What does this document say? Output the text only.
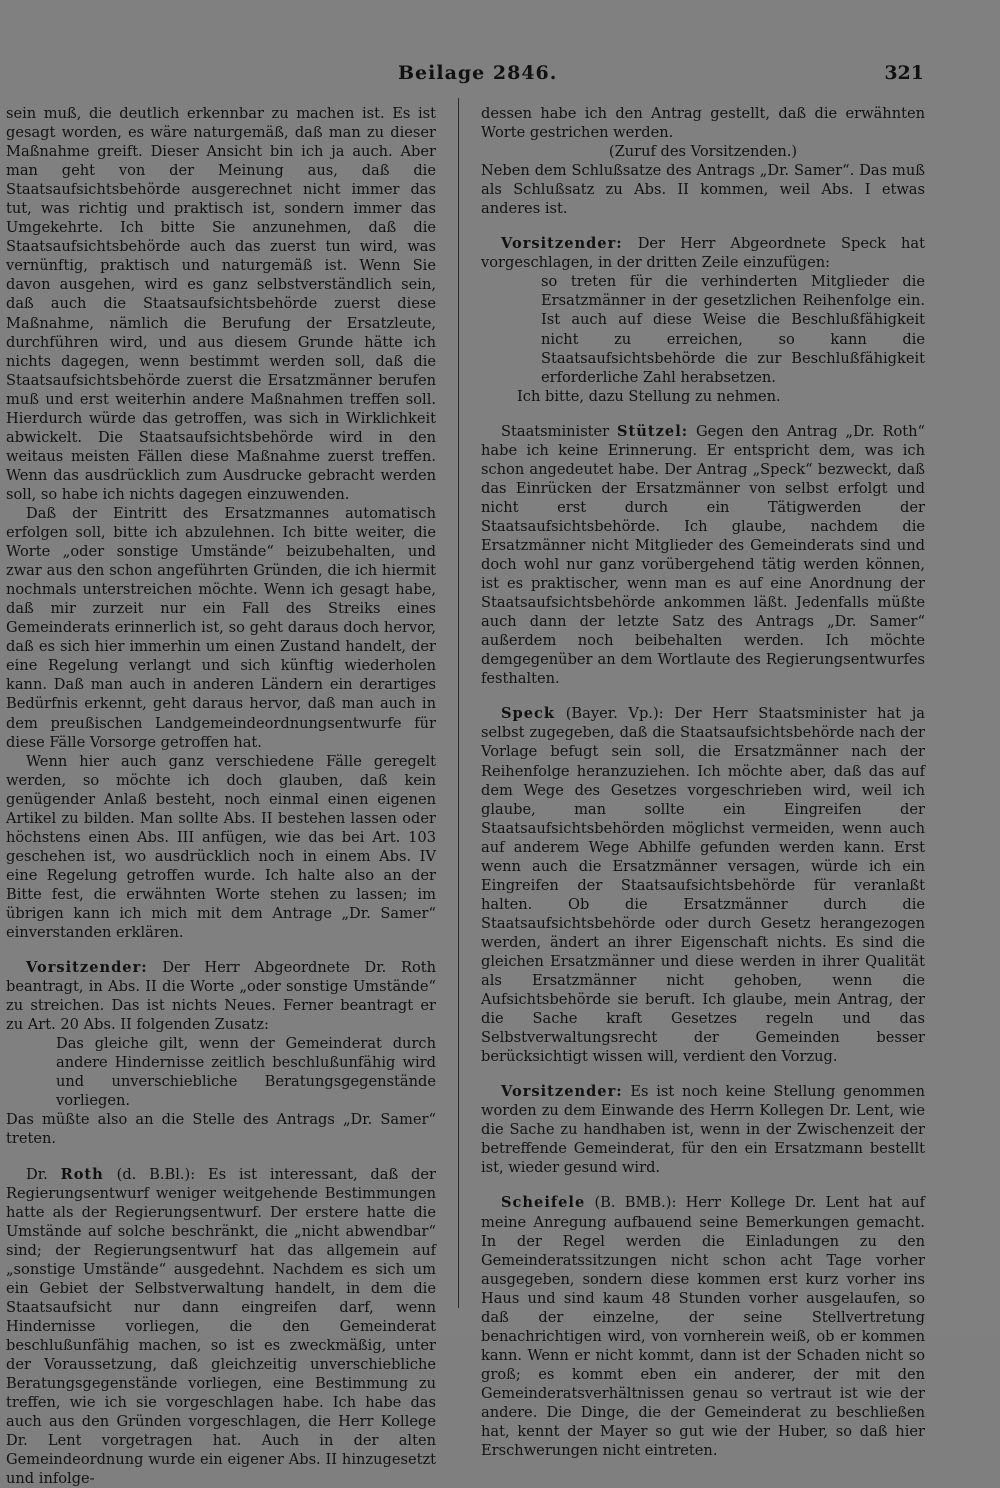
Beilage 2846.	321

sein muß, die deutlich erkennbar zu machen ist. Es ist gesagt worden, es wäre naturgemäß, daß man zu dieser Maßnahme greift. Dieser Ansicht bin ich ja auch. Aber man geht von der Meinung aus, daß die Staatsaufsichtsbehörde ausgerechnet nicht immer das tut, was richtig und praktisch ist, sondern immer das Umgekehrte. Ich bitte Sie anzunehmen, daß die Staatsaufsichtsbehörde auch das zuerst tun wird, was vernünftig, praktisch und naturgemäß ist. Wenn Sie davon ausgehen, wird es ganz selbstverständlich sein, daß auch die Staatsaufsichtsbehörde zuerst diese Maßnahme, nämlich die Berufung der Ersatzleute, durchführen wird, und aus diesem Grunde hätte ich nichts dagegen, wenn bestimmt werden soll, daß die Staatsaufsichtsbehörde zuerst die Ersatzmänner berufen muß und erst weiterhin andere Maßnahmen treffen soll. Hierdurch würde das getroffen, was sich in Wirklichkeit abwickelt. Die Staatsaufsichtsbehörde wird in den weitaus meisten Fällen diese Maßnahme zuerst treffen. Wenn das ausdrücklich zum Ausdrucke gebracht werden soll, so habe ich nichts dagegen einzuwenden.

Daß der Eintritt des Ersatzmannes automatisch erfolgen soll, bitte ich abzulehnen. Ich bitte weiter, die Worte „oder sonstige Umstände“ beizubehalten, und zwar aus den schon angeführten Gründen, die ich hiermit nochmals unterstreichen möchte. Wenn ich gesagt habe, daß mir zurzeit nur ein Fall des Streiks eines Gemeinderats erinnerlich ist, so geht daraus doch hervor, daß es sich hier immerhin um einen Zustand handelt, der eine Regelung verlangt und sich künftig wiederholen kann. Daß man auch in anderen Ländern ein derartiges Bedürfnis erkennt, geht daraus hervor, daß man auch in dem preußischen Landgemeindeordnungsentwurfe für diese Fälle Vorsorge getroffen hat.

Wenn hier auch ganz verschiedene Fälle geregelt werden, so möchte ich doch glauben, daß kein genügender Anlaß besteht, noch einmal einen eigenen Artikel zu bilden. Man sollte Abs. II bestehen lassen oder höchstens einen Abs. III anfügen, wie das bei Art. 103 geschehen ist, wo ausdrücklich noch in einem Abs. IV eine Regelung getroffen wurde. Ich halte also an der Bitte fest, die erwähnten Worte stehen zu lassen; im übrigen kann ich mich mit dem Antrage „Dr. Samer“ einverstanden erklären.

Vorsitzender: Der Herr Abgeordnete Dr. Roth beantragt, in Abs. II die Worte „oder sonstige Umstände“ zu streichen. Das ist nichts Neues. Ferner beantragt er zu Art. 20 Abs. II folgenden Zusatz:

Das gleiche gilt, wenn der Gemeinderat durch andere Hindernisse zeitlich beschlußunfähig wird und unverschiebliche Beratungsgegenstände vorliegen.

Das müßte also an die Stelle des Antrags „Dr. Samer“ treten.

Dr. Roth (d. B.Bl.): Es ist interessant, daß der Regierungsentwurf weniger weitgehende Bestimmungen hatte als der Regierungsentwurf. Der erstere hatte die Umstände auf solche beschränkt, die „nicht abwendbar“ sind; der Regierungsentwurf hat das allgemein auf „sonstige Umstände“ ausgedehnt. Nachdem es sich um ein Gebiet der Selbstverwaltung handelt, in dem die Staatsaufsicht nur dann eingreifen darf, wenn Hindernisse vorliegen, die den Gemeinderat beschlußunfähig machen, so ist es zweckmäßig, unter der Voraussetzung, daß gleichzeitig unverschiebliche Beratungsgegenstände vorliegen, eine Bestimmung zu treffen, wie ich sie vorgeschlagen habe. Ich habe das auch aus den Gründen vorgeschlagen, die Herr Kollege Dr. Lent vorgetragen hat. Auch in der alten Gemeindeordnung wurde ein eigener Abs. II hinzugesetzt und infolge-

dessen habe ich den Antrag gestellt, daß die erwähnten Worte gestrichen werden.

(Zuruf des Vorsitzenden.)

Neben dem Schlußsatze des Antrags „Dr. Samer“. Das muß als Schlußsatz zu Abs. II kommen, weil Abs. I etwas anderes ist.

Vorsitzender: Der Herr Abgeordnete Speck hat vorgeschlagen, in der dritten Zeile einzufügen:

so treten für die verhinderten Mitglieder die Ersatzmänner in der gesetzlichen Reihenfolge ein. Ist auch auf diese Weise die Beschlußfähigkeit nicht zu erreichen, so kann die Staatsaufsichtsbehörde die zur Beschlußfähigkeit erforderliche Zahl herabsetzen.

Ich bitte, dazu Stellung zu nehmen.

Staatsminister Stützel: Gegen den Antrag „Dr. Roth“ habe ich keine Erinnerung. Er entspricht dem, was ich schon angedeutet habe. Der Antrag „Speck“ bezweckt, daß das Einrücken der Ersatzmänner von selbst erfolgt und nicht erst durch ein Tätigwerden der Staatsaufsichtsbehörde. Ich glaube, nachdem die Ersatzmänner nicht Mitglieder des Gemeinderats sind und doch wohl nur ganz vorübergehend tätig werden können, ist es praktischer, wenn man es auf eine Anordnung der Staatsaufsichtsbehörde ankommen läßt. Jedenfalls müßte auch dann der letzte Satz des Antrags „Dr. Samer“ außerdem noch beibehalten werden. Ich möchte demgegenüber an dem Wortlaute des Regierungsentwurfes festhalten.

Speck (Bayer. Vp.): Der Herr Staatsminister hat ja selbst zugegeben, daß die Staatsaufsichtsbehörde nach der Vorlage befugt sein soll, die Ersatzmänner nach der Reihenfolge heranzuziehen. Ich möchte aber, daß das auf dem Wege des Gesetzes vorgeschrieben wird, weil ich glaube, man sollte ein Eingreifen der Staatsaufsichtsbehörden möglichst vermeiden, wenn auch auf anderem Wege Abhilfe gefunden werden kann. Erst wenn auch die Ersatzmänner versagen, würde ich ein Eingreifen der Staatsaufsichtsbehörde für veranlaßt halten. Ob die Ersatzmänner durch die Staatsaufsichtsbehörde oder durch Gesetz herangezogen werden, ändert an ihrer Eigenschaft nichts. Es sind die gleichen Ersatzmänner und diese werden in ihrer Qualität als Ersatzmänner nicht gehoben, wenn die Aufsichtsbehörde sie beruft. Ich glaube, mein Antrag, der die Sache kraft Gesetzes regeln und das Selbstverwaltungsrecht der Gemeinden besser berücksichtigt wissen will, verdient den Vorzug.

Vorsitzender: Es ist noch keine Stellung genommen worden zu dem Einwande des Herrn Kollegen Dr. Lent, wie die Sache zu handhaben ist, wenn in der Zwischenzeit der betreffende Gemeinderat, für den ein Ersatzmann bestellt ist, wieder gesund wird.

Scheifele (B. BMB.): Herr Kollege Dr. Lent hat auf meine Anregung aufbauend seine Bemerkungen gemacht. In der Regel werden die Einladungen zu den Gemeinderatssitzungen nicht schon acht Tage vorher ausgegeben, sondern diese kommen erst kurz vorher ins Haus und sind kaum 48 Stunden vorher ausgelaufen, so daß der einzelne, der seine Stellvertretung benachrichtigen wird, von vornherein weiß, ob er kommen kann. Wenn er nicht kommt, dann ist der Schaden nicht so groß; es kommt eben ein anderer, der mit den Gemeinderatsverhältnissen genau so vertraut ist wie der andere. Die Dinge, die der Gemeinderat zu beschließen hat, kennt der Mayer so gut wie der Huber, so daß hier Erschwerungen nicht eintreten.
